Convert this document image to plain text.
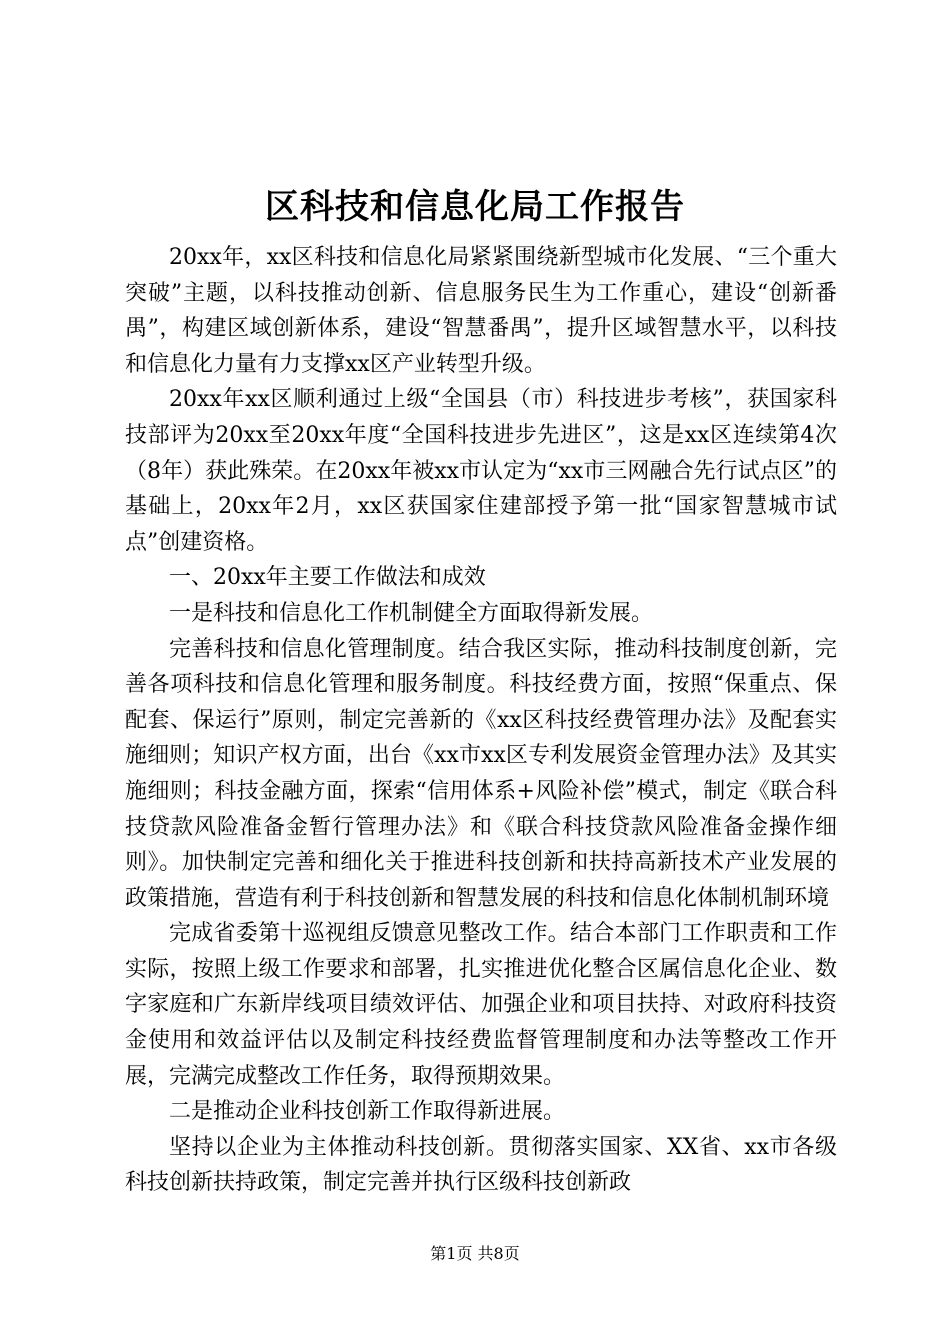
区科技和信息化局工作报告

20xx年，xx区科技和信息化局紧紧围绕新型城市化发展、“三个重大突破”主题，以科技推动创新、信息服务民生为工作重心，建设“创新番禺”，构建区域创新体系，建设“智慧番禺”，提升区域智慧水平，以科技和信息化力量有力支撑xx区产业转型升级。

20xx年xx区顺利通过上级“全国县（市）科技进步考核”，获国家科技部评为20xx至20xx年度“全国科技进步先进区”，这是xx区连续第4次（8年）获此殊荣。在20xx年被xx市认定为“xx市三网融合先行试点区”的基础上，20xx年2月，xx区获国家住建部授予第一批“国家智慧城市试点”创建资格。

一、20xx年主要工作做法和成效

一是科技和信息化工作机制健全方面取得新发展。

完善科技和信息化管理制度。结合我区实际，推动科技制度创新，完善各项科技和信息化管理和服务制度。科技经费方面，按照“保重点、保配套、保运行”原则，制定完善新的《xx区科技经费管理办法》及配套实施细则；知识产权方面，出台《xx市xx区专利发展资金管理办法》及其实施细则；科技金融方面，探索“信用体系+风险补偿”模式，制定《联合科技贷款风险准备金暂行管理办法》和《联合科技贷款风险准备金操作细则》。加快制定完善和细化关于推进科技创新和扶持高新技术产业发展的政策措施，营造有利于科技创新和智慧发展的科技和信息化体制机制环境

完成省委第十巡视组反馈意见整改工作。结合本部门工作职责和工作实际，按照上级工作要求和部署，扎实推进优化整合区属信息化企业、数字家庭和广东新岸线项目绩效评估、加强企业和项目扶持、对政府科技资金使用和效益评估以及制定科技经费监督管理制度和办法等整改工作开展，完满完成整改工作任务，取得预期效果。

二是推动企业科技创新工作取得新进展。

坚持以企业为主体推动科技创新。贯彻落实国家、XX省、xx市各级科技创新扶持政策，制定完善并执行区级科技创新政

第1页 共8页
